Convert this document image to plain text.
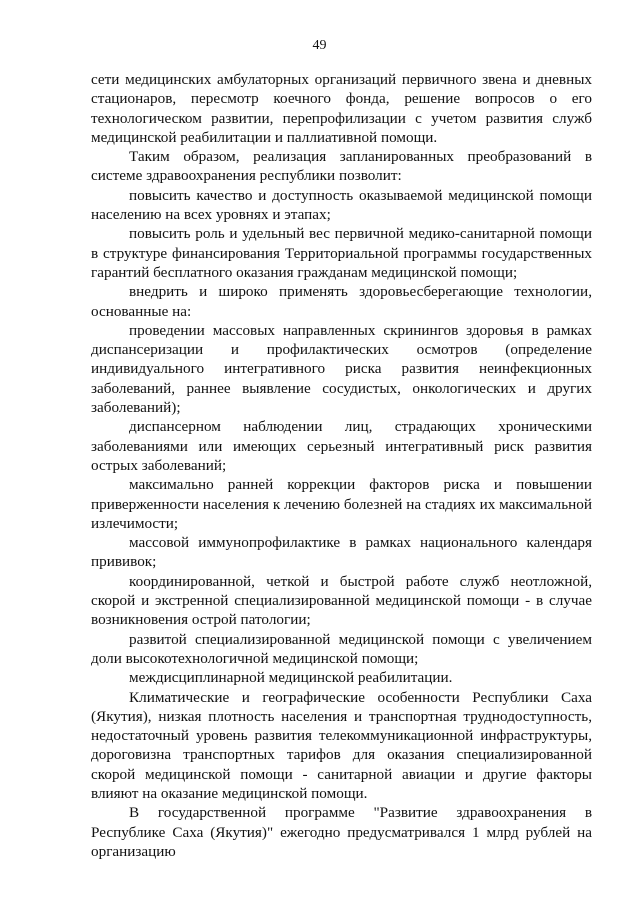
49

сети медицинских амбулаторных организаций первичного звена и дневных стационаров, пересмотр коечного фонда, решение вопросов о его технологическом развитии, перепрофилизации с учетом развития служб медицинской реабилитации и паллиативной помощи.

Таким образом, реализация запланированных преобразований в системе здравоохранения республики позволит:

повысить качество и доступность оказываемой медицинской помощи населению на всех уровнях и этапах;

повысить роль и удельный вес первичной медико-санитарной помощи в структуре финансирования Территориальной программы государственных гарантий бесплатного оказания гражданам медицинской помощи;

внедрить и широко применять здоровьесберегающие технологии, основанные на:

проведении массовых направленных скринингов здоровья в рамках диспансеризации и профилактических осмотров (определение индивидуального интегративного риска развития неинфекционных заболеваний, раннее выявление сосудистых, онкологических и других заболеваний);

диспансерном наблюдении лиц, страдающих хроническими заболеваниями или имеющих серьезный интегративный риск развития острых заболеваний;

максимально ранней коррекции факторов риска и повышении приверженности населения к лечению болезней на стадиях их максимальной излечимости;

массовой иммунопрофилактике в рамках национального календаря прививок;

координированной, четкой и быстрой работе служб неотложной, скорой и экстренной специализированной медицинской помощи - в случае возникновения острой патологии;

развитой специализированной медицинской помощи с увеличением доли высокотехнологичной медицинской помощи;

междисциплинарной медицинской реабилитации.

Климатические и географические особенности Республики Саха (Якутия), низкая плотность населения и транспортная труднодоступность, недостаточный уровень развития телекоммуникационной инфраструктуры, дороговизна транспортных тарифов для оказания специализированной скорой медицинской помощи - санитарной авиации и другие факторы влияют на оказание медицинской помощи.

В государственной программе "Развитие здравоохранения в Республике Саха (Якутия)" ежегодно предусматривался 1 млрд рублей на организацию
